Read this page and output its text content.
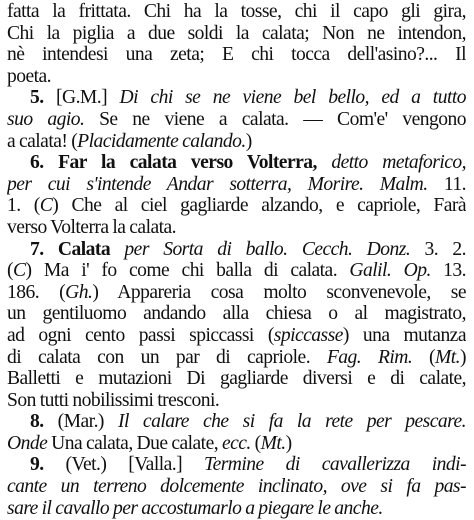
fatta la frittata. Chi ha la tosse, chi il capo gli gira,
Chi la piglia a due soldi la calata; Non ne intendon,
nè intendesi una zeta; E chi tocca dell'asino?... Il
poeta.
5. [G.M.] Di chi se ne viene bel bello, ed a tutto
suo agio. Se ne viene a calata. — Com'e' vengono
a calata! (Placidamente calando.)
6. Far la calata verso Volterra, detto metaforico,
per cui s'intende Andar sotterra, Morire. Malm. 11.
1. (C) Che al ciel gagliarde alzando, e capriole, Farà
verso Volterra la calata.
7. Calata per Sorta di ballo. Cecch. Donz. 3. 2.
(C) Ma i' fo come chi balla di calata. Galil. Op. 13.
186. (Gh.) Appareria cosa molto sconvenevole, se
un gentiluomo andando alla chiesa o al magistrato,
ad ogni cento passi spiccassi (spiccasse) una mutanza
di calata con un par di capriole. Fag. Rim. (Mt.)
Balletti e mutazioni Di gagliarde diversi e di calate,
Son tutti nobilissimi tresconi.
8. (Mar.) Il calare che si fa la rete per pescare.
Onde Una calata, Due calate, ecc. (Mt.)
9. (Vet.) [Valla.] Termine di cavallerizza indi-
cante un terreno dolcemente inclinato, ove si fa pas-
sare il cavallo per accostumarlo a piegare le anche.
